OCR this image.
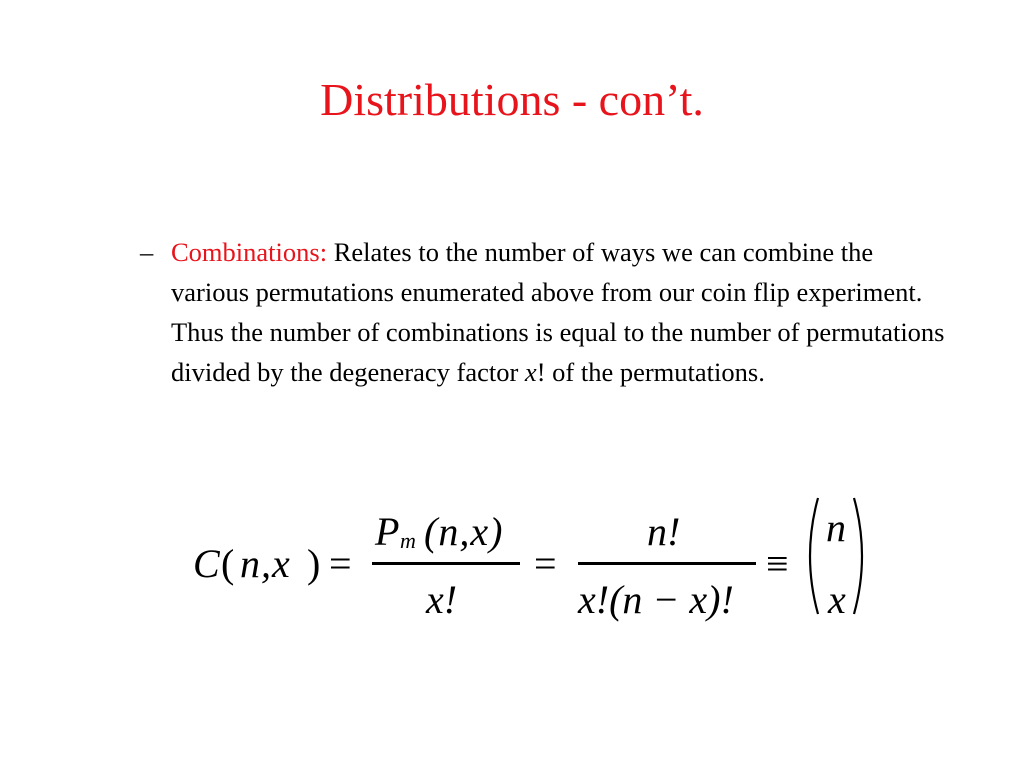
Distributions - con’t.
– Combinations: Relates to the number of ways we can combine the various permutations enumerated above from our coin flip experiment. Thus the number of combinations is equal to the number of permutations divided by the degeneracy factor x! of the permutations.
C ( n,x ) =
P m (n,x)
x!
=
n!
x!(n − x)!
≡
n
x
